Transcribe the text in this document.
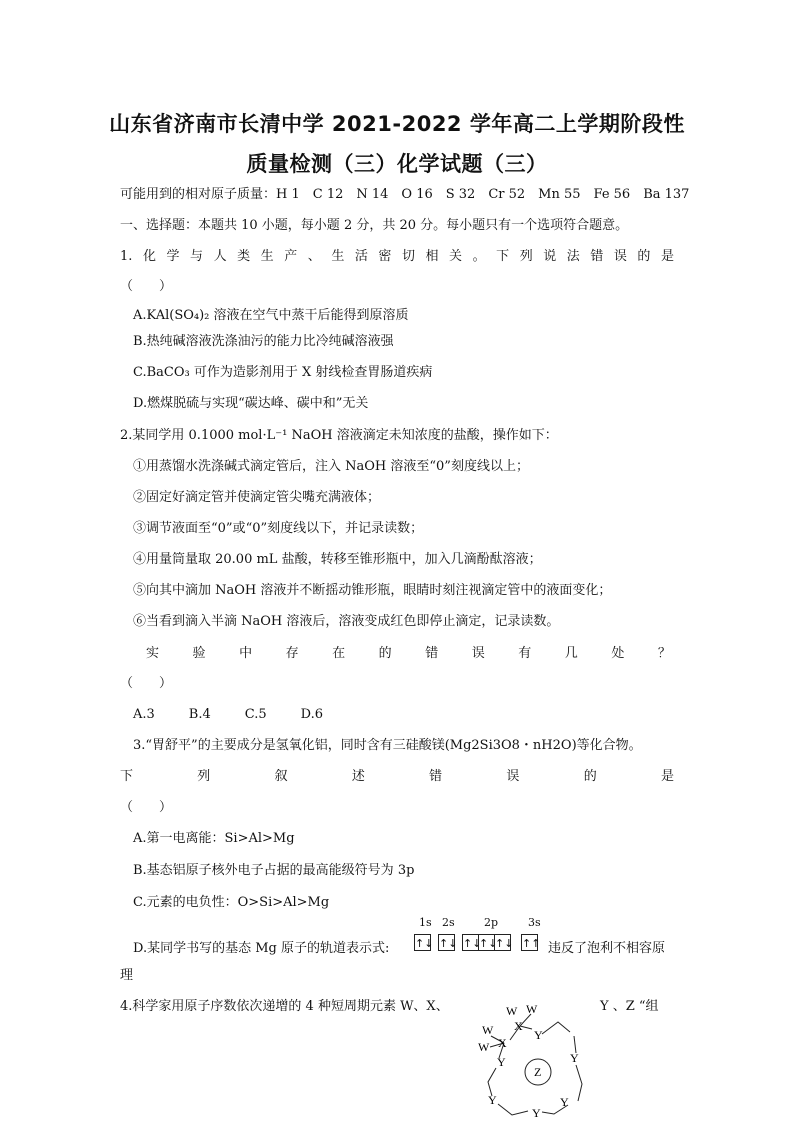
山东省济南市长清中学 2021-2022 学年高二上学期阶段性
质量检测（三）化学试题（三）
可能用到的相对原子质量：H 1　C 12　N 14　O 16　S 32　Cr 52　Mn 55　Fe 56　Ba 137
一、选择题：本题共 10 小题，每小题 2 分，共 20 分。每小题只有一个选项符合题意。
1. 化 学 与 人 类 生 产 、 生 活 密 切 相 关 。 下 列 说 法 错 误 的 是
（　　）
A.KAl(SO₄)₂ 溶液在空气中蒸干后能得到原溶质
B.热纯碱溶液洗涤油污的能力比冷纯碱溶液强
C.BaCO₃ 可作为造影剂用于 X 射线检查胃肠道疾病
D.燃煤脱硫与实现“碳达峰、碳中和”无关
2.某同学用 0.1000 mol·L⁻¹ NaOH 溶液滴定未知浓度的盐酸，操作如下：
①用蒸馏水洗涤碱式滴定管后，注入 NaOH 溶液至“0”刻度线以上；
②固定好滴定管并使滴定管尖嘴充满液体；
③调节液面至“0”或“0”刻度线以下，并记录读数；
④用量筒量取 20.00 mL 盐酸，转移至锥形瓶中，加入几滴酚酞溶液；
⑤向其中滴加 NaOH 溶液并不断摇动锥形瓶，眼睛时刻注视滴定管中的液面变化；
⑥当看到滴入半滴 NaOH 溶液后，溶液变成红色即停止滴定，记录读数。
实	验	中	存	在	的	错	误	有	几	处	？
（　　）
A.3	B.4	C.5	D.6
3.“胃舒平”的主要成分是氢氧化铝，同时含有三硅酸镁(Mg2Si3O8・nH2O)等化合物。
下	列	叙	述	错	误	的	是
（　　）
A.第一电离能：Si>Al>Mg
B.基态铝原子核外电子占据的最高能级符号为 3p
C.元素的电负性：O>Si>Al>Mg
D.某同学书写的基态 Mg 原子的轨道表示式:
1s 2s	2p	3s
↑↓ ↑↓ ↑↓
↑↓
↑↓ ↑↑ 违反了泡利不相容原
理
4.科学家用原子序数依次递增的 4 种短周期元素 W、X、	Y 、Z “组
W W
W
W
X
X
Y
Y
Y
Y
Y
Y
Z
